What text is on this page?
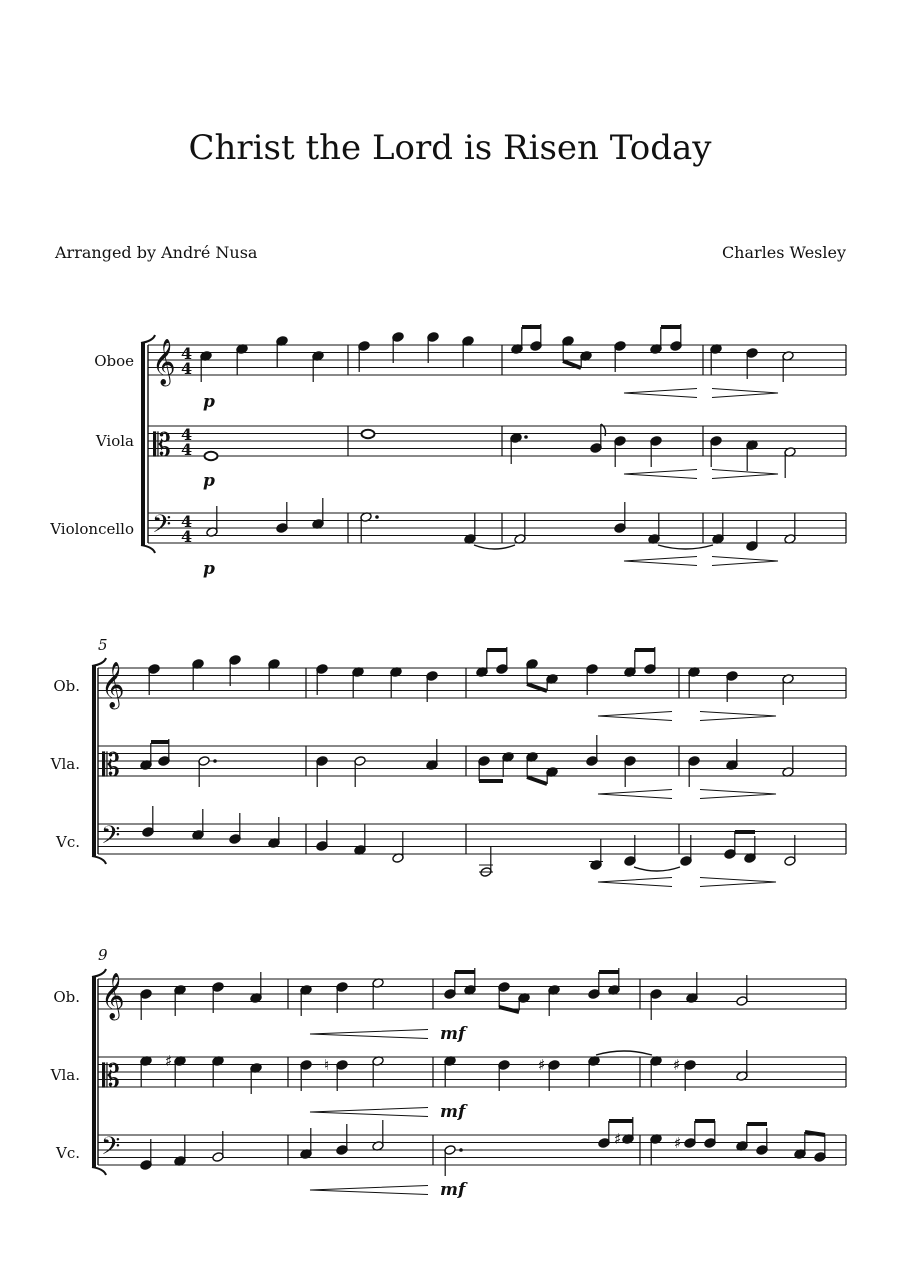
Christ the Lord is Risen Today
Arranged by André Nusa	Charles Wesley
Oboe
Viola
Violoncello
5
Ob.
Vla.
Vc.
9
Ob.
Vla.
Vc.
p
p
p
mf
mf
mf
𝄞
𝄡
𝄢
4
4
4
4
4
4
𝄞
𝄡
𝄢
𝄞
𝄡
𝄢
♯	♮	♯	♯
♯	♯
